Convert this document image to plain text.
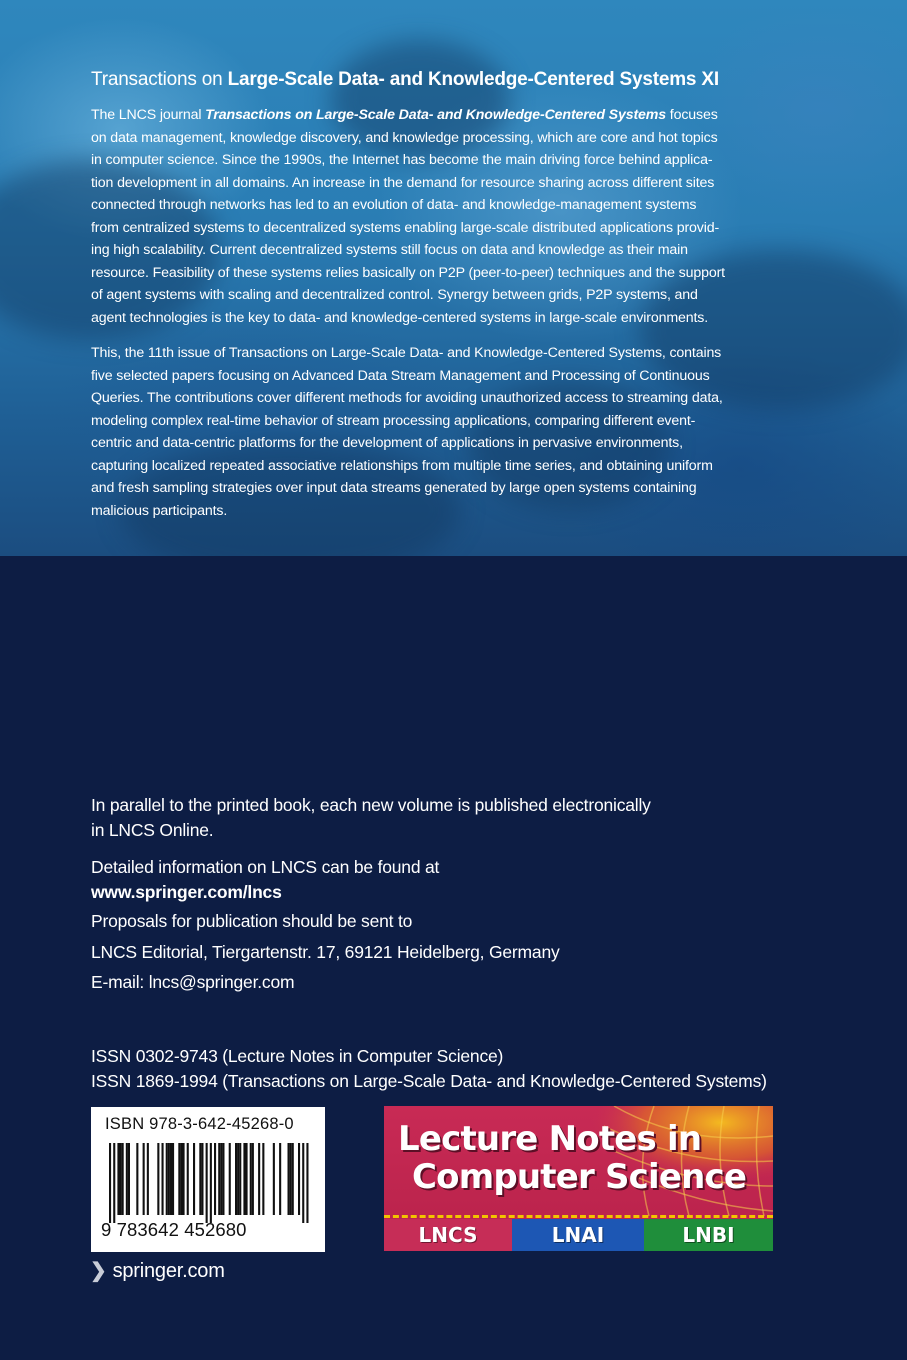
Transactions on Large-Scale Data- and Knowledge-Centered Systems XI
The LNCS journal Transactions on Large-Scale Data- and Knowledge-Centered Systems focuses
on data management, knowledge discovery, and knowledge processing, which are core and hot topics
in computer science. Since the 1990s, the Internet has become the main driving force behind applica-
tion development in all domains. An increase in the demand for resource sharing across different sites
connected through networks has led to an evolution of data- and knowledge-management systems
from centralized systems to decentralized systems enabling large-scale distributed applications provid-
ing high scalability. Current decentralized systems still focus on data and knowledge as their main
resource. Feasibility of these systems relies basically on P2P (peer-to-peer) techniques and the support
of agent systems with scaling and decentralized control. Synergy between grids, P2P systems, and
agent technologies is the key to data- and knowledge-centered systems in large-scale environments.
This, the 11th issue of Transactions on Large-Scale Data- and Knowledge-Centered Systems, contains
five selected papers focusing on Advanced Data Stream Management and Processing of Continuous
Queries. The contributions cover different methods for avoiding unauthorized access to streaming data,
modeling complex real-time behavior of stream processing applications, comparing different event-
centric and data-centric platforms for the development of applications in pervasive environments,
capturing localized repeated associative relationships from multiple time series, and obtaining uniform
and fresh sampling strategies over input data streams generated by large open systems containing
malicious participants.
In parallel to the printed book, each new volume is published electronically
in LNCS Online.
Detailed information on LNCS can be found at
www.springer.com/lncs
Proposals for publication should be sent to
LNCS Editorial, Tiergartenstr. 17, 69121 Heidelberg, Germany
E-mail: lncs@springer.com
ISSN 0302-9743 (Lecture Notes in Computer Science)
ISSN 1869-1994 (Transactions on Large-Scale Data- and Knowledge-Centered Systems)
ISBN 978-3-642-45268-0
9 783642 452680
Lecture Notes in
Computer Science
LNCS	LNAI	LNBI
❯ springer.com
